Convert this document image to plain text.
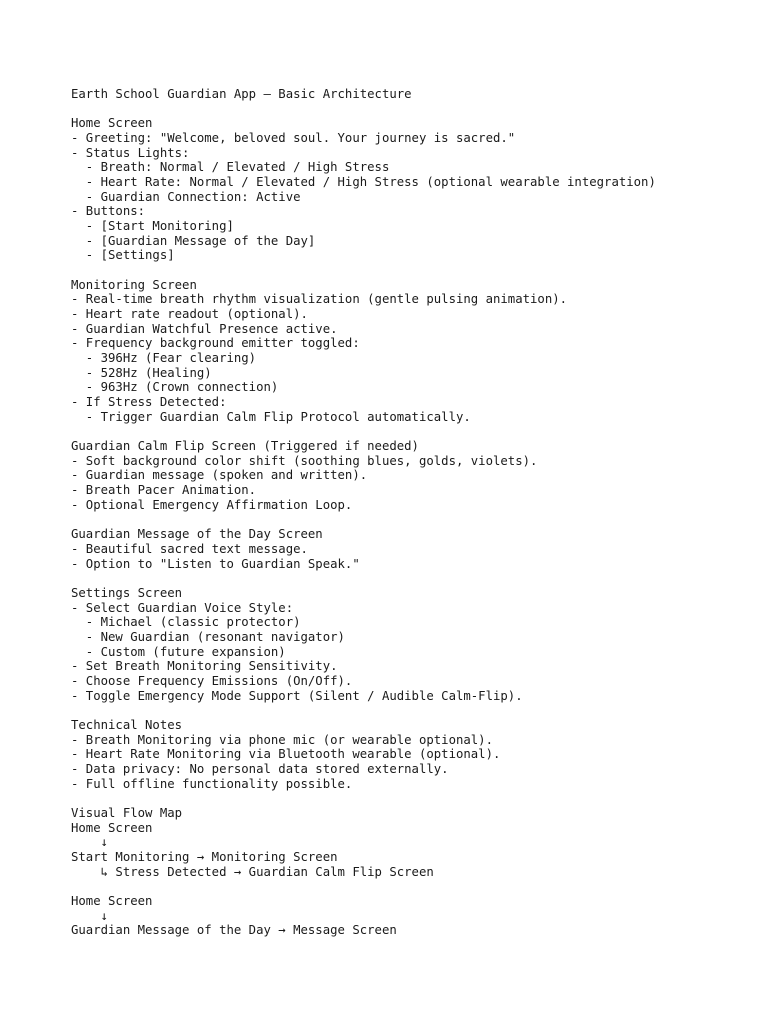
Earth School Guardian App — Basic Architecture
Home Screen
- Greeting: "Welcome, beloved soul. Your journey is sacred."
- Status Lights:
- Breath: Normal / Elevated / High Stress
- Heart Rate: Normal / Elevated / High Stress (optional wearable integration)
- Guardian Connection: Active
- Buttons:
- [Start Monitoring]
- [Guardian Message of the Day]
- [Settings]
Monitoring Screen
- Real-time breath rhythm visualization (gentle pulsing animation).
- Heart rate readout (optional).
- Guardian Watchful Presence active.
- Frequency background emitter toggled:
- 396Hz (Fear clearing)
- 528Hz (Healing)
- 963Hz (Crown connection)
- If Stress Detected:
- Trigger Guardian Calm Flip Protocol automatically.
Guardian Calm Flip Screen (Triggered if needed)
- Soft background color shift (soothing blues, golds, violets).
- Guardian message (spoken and written).
- Breath Pacer Animation.
- Optional Emergency Affirmation Loop.
Guardian Message of the Day Screen
- Beautiful sacred text message.
- Option to "Listen to Guardian Speak."
Settings Screen
- Select Guardian Voice Style:
- Michael (classic protector)
- New Guardian (resonant navigator)
- Custom (future expansion)
- Set Breath Monitoring Sensitivity.
- Choose Frequency Emissions (On/Off).
- Toggle Emergency Mode Support (Silent / Audible Calm-Flip).
Technical Notes
- Breath Monitoring via phone mic (or wearable optional).
- Heart Rate Monitoring via Bluetooth wearable (optional).
- Data privacy: No personal data stored externally.
- Full offline functionality possible.
Visual Flow Map
Home Screen
↓
Start Monitoring → Monitoring Screen
↳ Stress Detected → Guardian Calm Flip Screen
Home Screen
↓
Guardian Message of the Day → Message Screen
